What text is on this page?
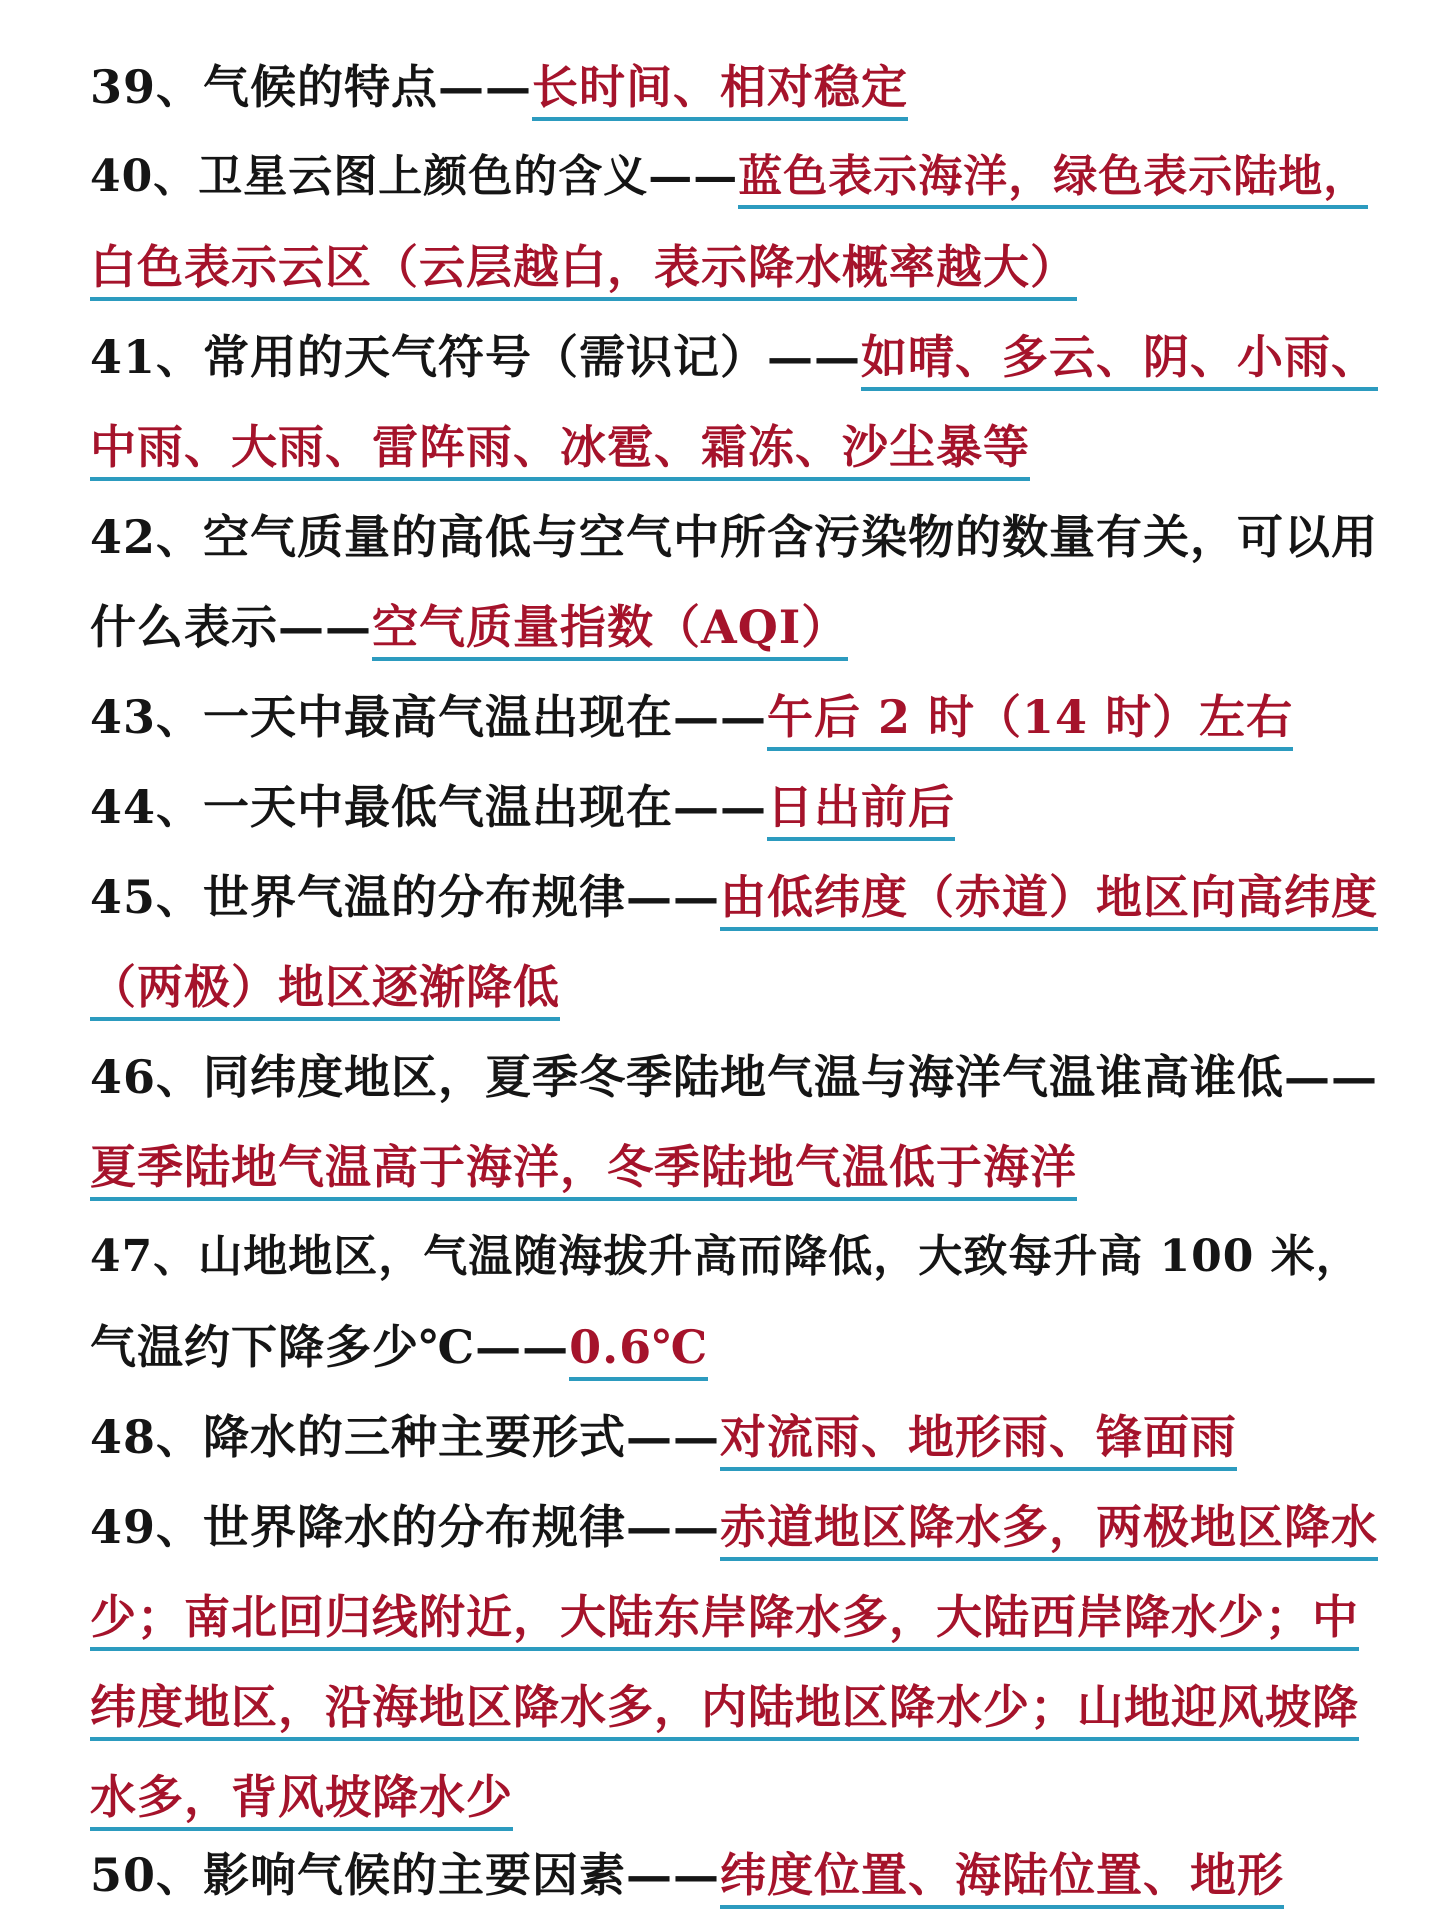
39、气候的特点——长时间、相对稳定
40、卫星云图上颜色的含义——蓝色表示海洋，绿色表示陆地，
白色表示云区（云层越白，表示降水概率越大）
41、常用的天气符号（需识记）——如晴、多云、阴、小雨、
中雨、大雨、雷阵雨、冰雹、霜冻、沙尘暴等
42、空气质量的高低与空气中所含污染物的数量有关，可以用
什么表示——空气质量指数（AQI）
43、一天中最高气温出现在——午后 2 时（14 时）左右
44、一天中最低气温出现在——日出前后
45、世界气温的分布规律——由低纬度（赤道）地区向高纬度
（两极）地区逐渐降低
46、同纬度地区，夏季冬季陆地气温与海洋气温谁高谁低——
夏季陆地气温高于海洋，冬季陆地气温低于海洋
47、山地地区，气温随海拔升高而降低，大致每升高 100 米，
气温约下降多少℃——0.6℃
48、降水的三种主要形式——对流雨、地形雨、锋面雨
49、世界降水的分布规律——赤道地区降水多，两极地区降水
少；南北回归线附近，大陆东岸降水多，大陆西岸降水少；中
纬度地区，沿海地区降水多，内陆地区降水少；山地迎风坡降
水多，背风坡降水少
50、影响气候的主要因素——纬度位置、海陆位置、地形
